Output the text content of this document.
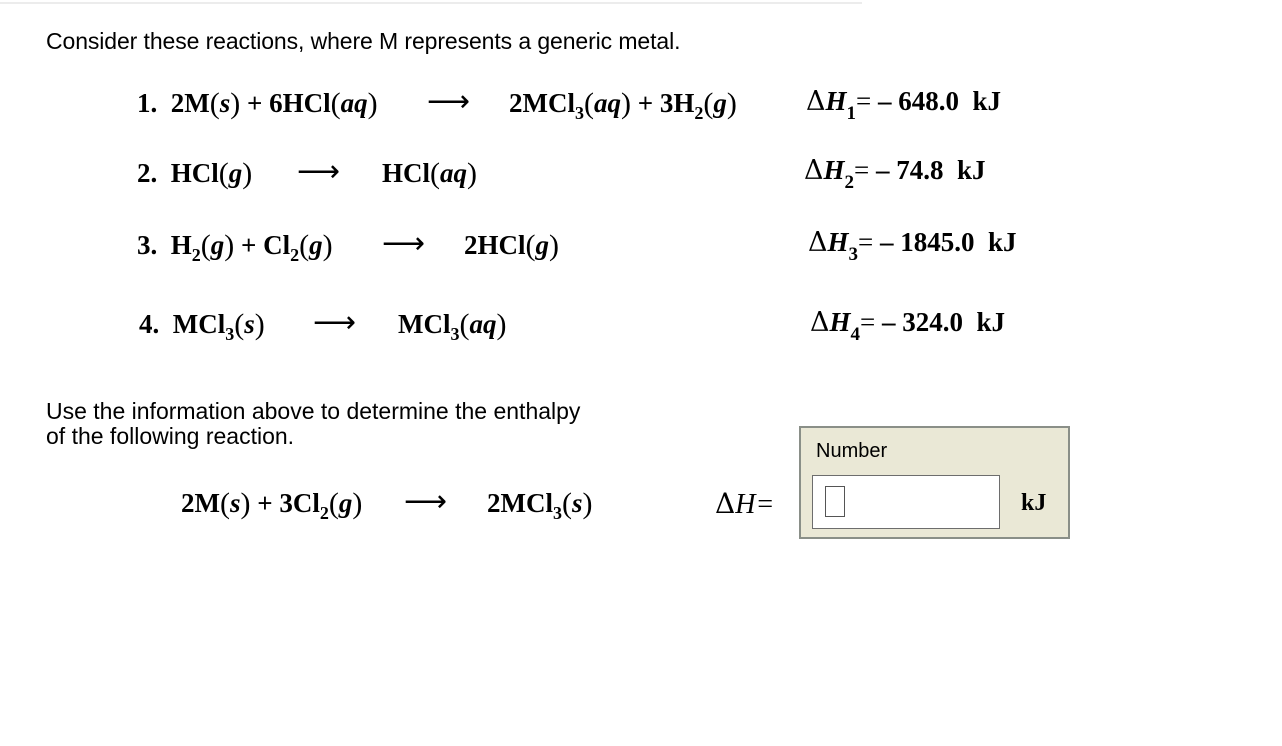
Consider these reactions, where M represents a generic metal.
1. 2M(s) + 6HCl(aq) ⟶ $2MCl_3(aq) + 3H_2(g)$	$\Delta H_1= - 648.0$ kJ
2. HCl(g) ⟶ HCl(aq)	$\Delta H_2= - 74.8$ kJ
3. $H_2(g) + Cl_2(g)$ ⟶ 2HCl(g)	$\Delta H_3= - 1845.0$ kJ
4. MCl$_3$(s) ⟶ MCl$_3$(aq)	$\Delta H_4= - 324.0$ kJ
Use the information above to determine the enthalpy
of the following reaction.
$2M(s) + 3Cl_2(g)$ ⟶ 2MCl$_3$(s)	ΔH=
Number
kJ
